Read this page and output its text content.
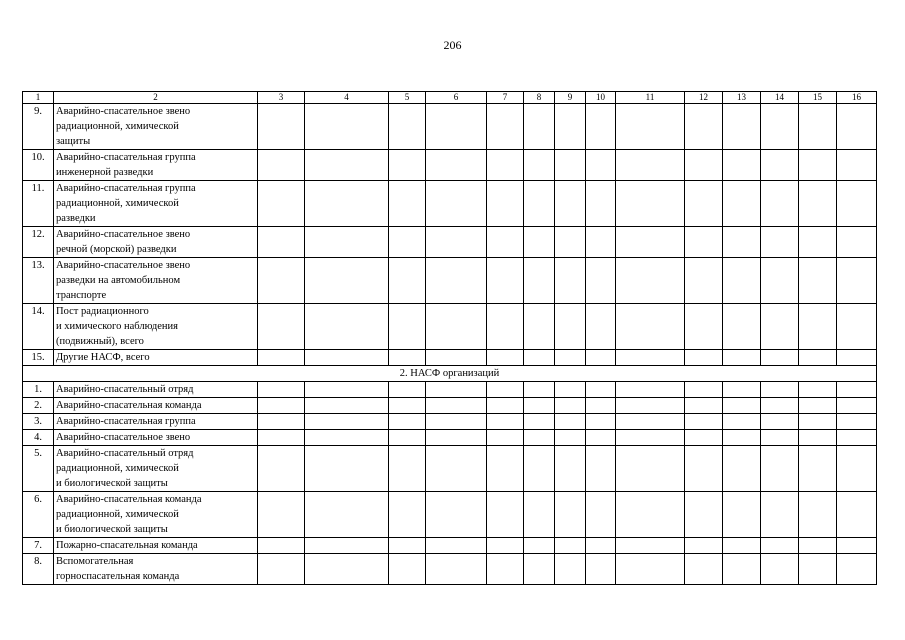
206
1	2	3	4	5	6	7	8	9	10	11	12	13	14	15	16
9.	Аварийно-спасательное звено
радиационной, химической
защиты														

10.	Аварийно-спасательная группа
инженерной разведки														

11.	Аварийно-спасательная группа
радиационной, химической
разведки														

12.	Аварийно-спасательное звено
речной (морской) разведки														

13.	Аварийно-спасательное звено
разведки на автомобильном
транспорте														

14.	Пост радиационного
и химического наблюдения
(подвижный), всего														

15.	Другие НАСФ, всего														

2. НАСФ организаций															
1.	Аварийно-спасательный отряд														

2.	Аварийно-спасательная команда														

3.	Аварийно-спасательная группа														

4.	Аварийно-спасательное звено														

5.	Аварийно-спасательный отряд
радиационной, химической
и биологической защиты														

6.	Аварийно-спасательная команда
радиационной, химической
и биологической защиты														

7.	Пожарно-спасательная команда														

8.	Вспомогательная
горноспасательная команда														
